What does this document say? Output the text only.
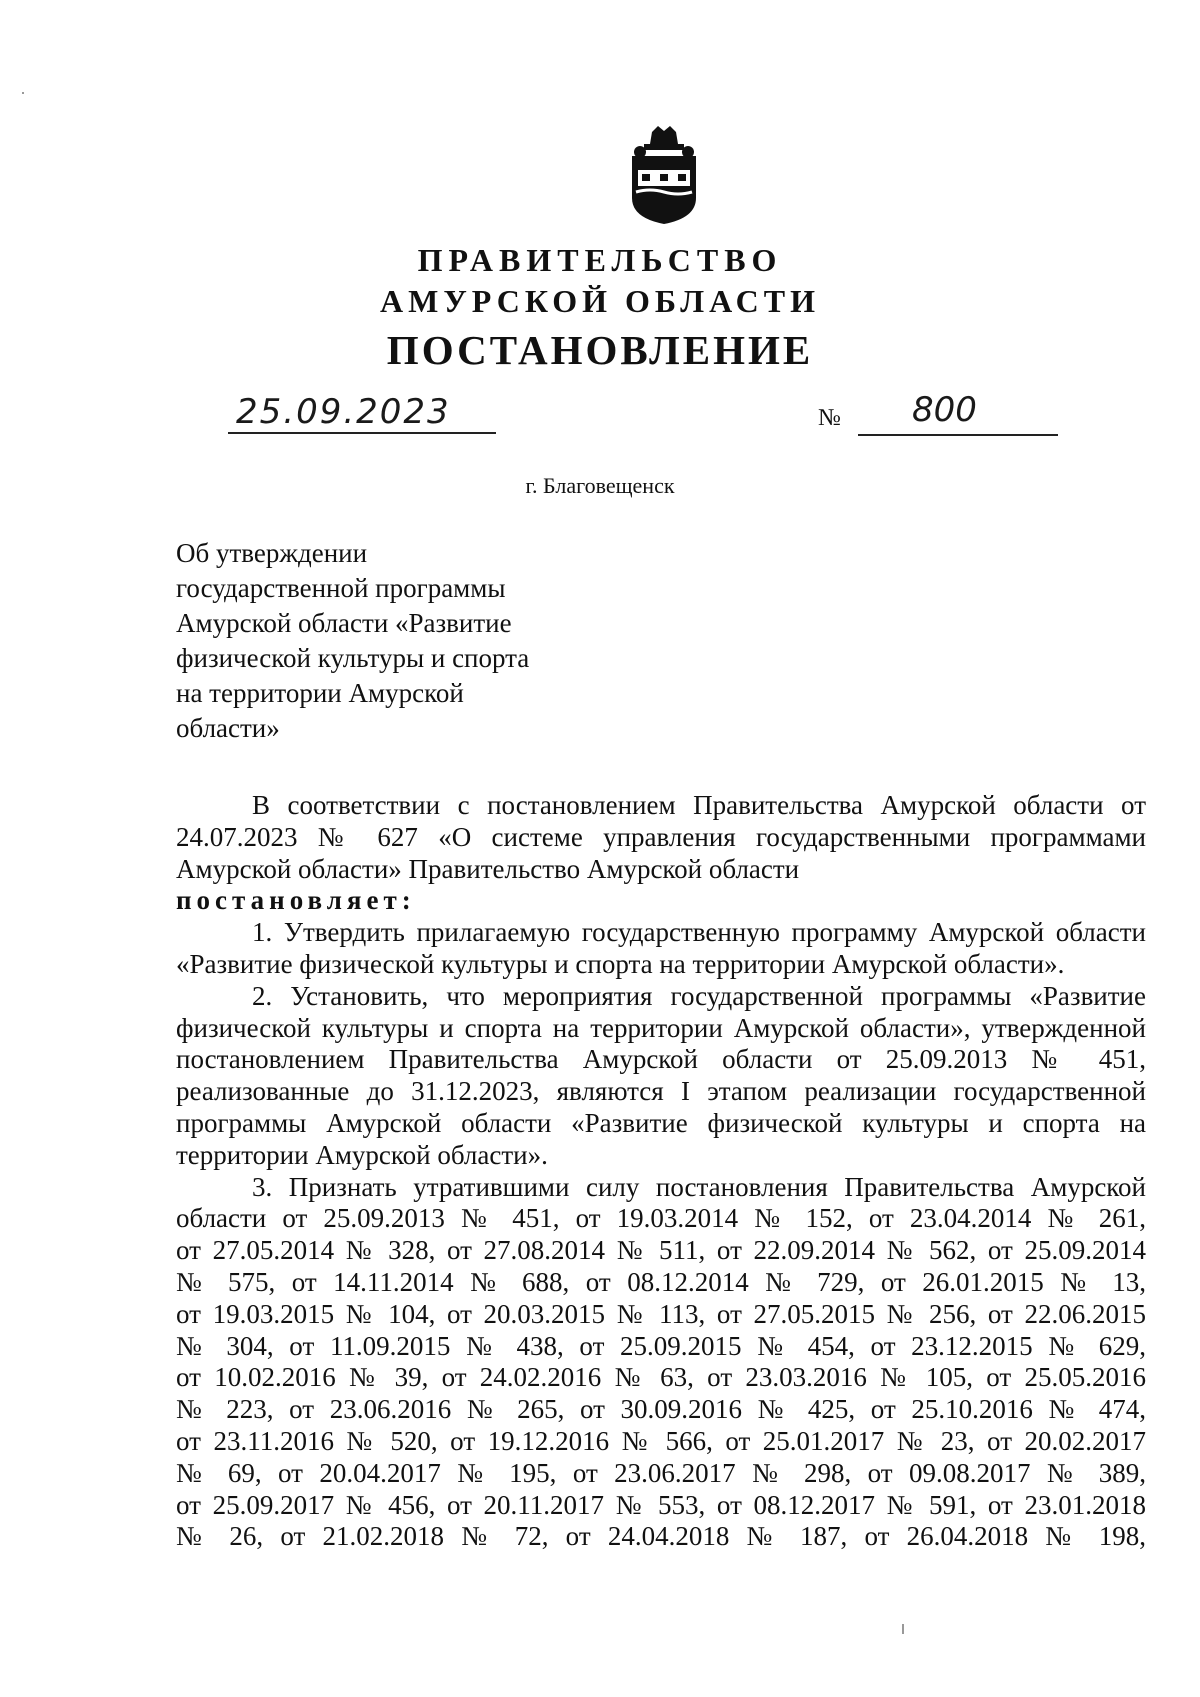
ПРАВИТЕЛЬСТВО
АМУРСКОЙ ОБЛАСТИ
ПОСТАНОВЛЕНИЕ
25.09.2023	№ 800
г. Благовещенск
Об утверждении
государственной программы
Амурской области «Развитие
физической культуры и спорта
на территории Амурской
области»
В соответствии с постановлением Правительства Амурской области от
24.07.2023 № 627 «О системе управления государственными программами
Амурской области» Правительство Амурской области
постановляет:
1. Утвердить прилагаемую государственную программу Амурской области
«Развитие физической культуры и спорта на территории Амурской области».
2. Установить, что мероприятия государственной программы «Развитие
физической культуры и спорта на территории Амурской области», утвержденной
постановлением Правительства Амурской области от 25.09.2013 № 451,
реализованные до 31.12.2023, являются I этапом реализации государственной
программы Амурской области «Развитие физической культуры и спорта на
территории Амурской области».
3. Признать утратившими силу постановления Правительства Амурской
области от 25.09.2013 № 451, от 19.03.2014 № 152, от 23.04.2014 № 261,
от 27.05.2014 № 328, от 27.08.2014 № 511, от 22.09.2014 № 562, от 25.09.2014
№ 575, от 14.11.2014 № 688, от 08.12.2014 № 729, от 26.01.2015 № 13,
от 19.03.2015 № 104, от 20.03.2015 № 113, от 27.05.2015 № 256, от 22.06.2015
№ 304, от 11.09.2015 № 438, от 25.09.2015 № 454, от 23.12.2015 № 629,
от 10.02.2016 № 39, от 24.02.2016 № 63, от 23.03.2016 № 105, от 25.05.2016
№ 223, от 23.06.2016 № 265, от 30.09.2016 № 425, от 25.10.2016 № 474,
от 23.11.2016 № 520, от 19.12.2016 № 566, от 25.01.2017 № 23, от 20.02.2017
№ 69, от 20.04.2017 № 195, от 23.06.2017 № 298, от 09.08.2017 № 389,
от 25.09.2017 № 456, от 20.11.2017 № 553, от 08.12.2017 № 591, от 23.01.2018
№ 26, от 21.02.2018 № 72, от 24.04.2018 № 187, от 26.04.2018 № 198,
